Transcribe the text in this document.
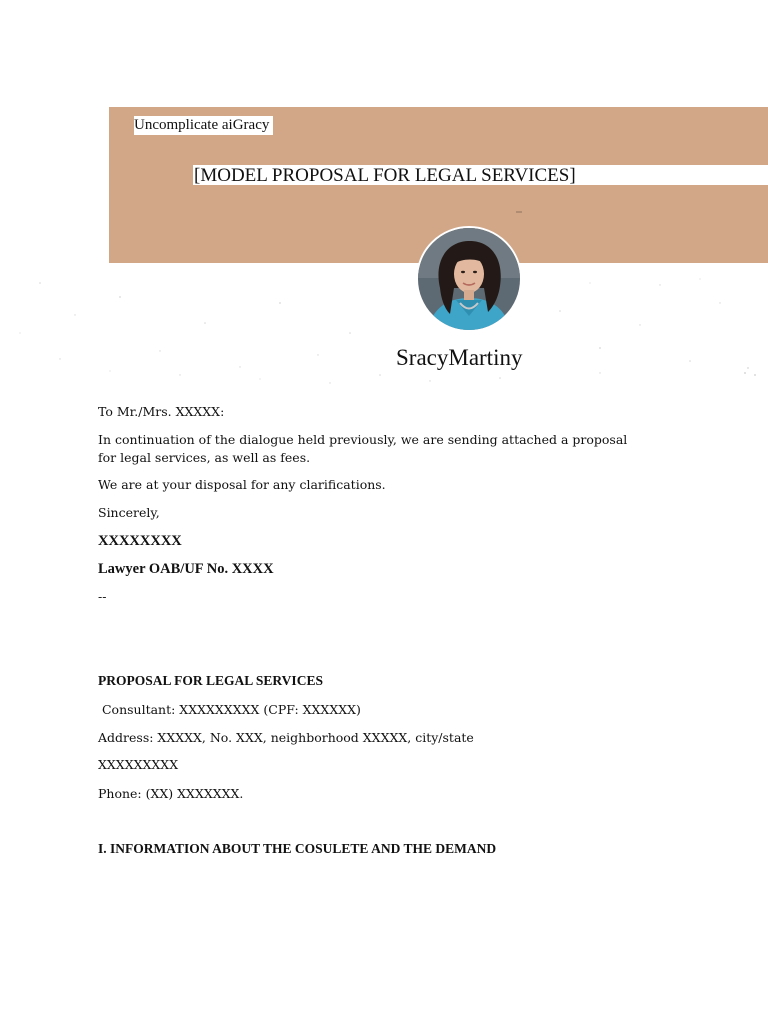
Uncomplicate aiGracy
[MODEL PROPOSAL FOR LEGAL SERVICES]
SracyMartiny

To Mr./Mrs. XXXXX:

In continuation of the dialogue held previously, we are sending attached a proposal for legal services, as well as fees.

We are at your disposal for any clarifications.

Sincerely,

XXXXXXXX
Lawyer OAB/UF No. XXXX

--

PROPOSAL FOR LEGAL SERVICES

Consultant: XXXXXXXXX (CPF: XXXXXX)

Address: XXXXX, No. XXX, neighborhood XXXXX, city/state

XXXXXXXXX

Phone: (XX) XXXXXXX.

I. INFORMATION ABOUT THE COSULETE AND THE DEMAND
